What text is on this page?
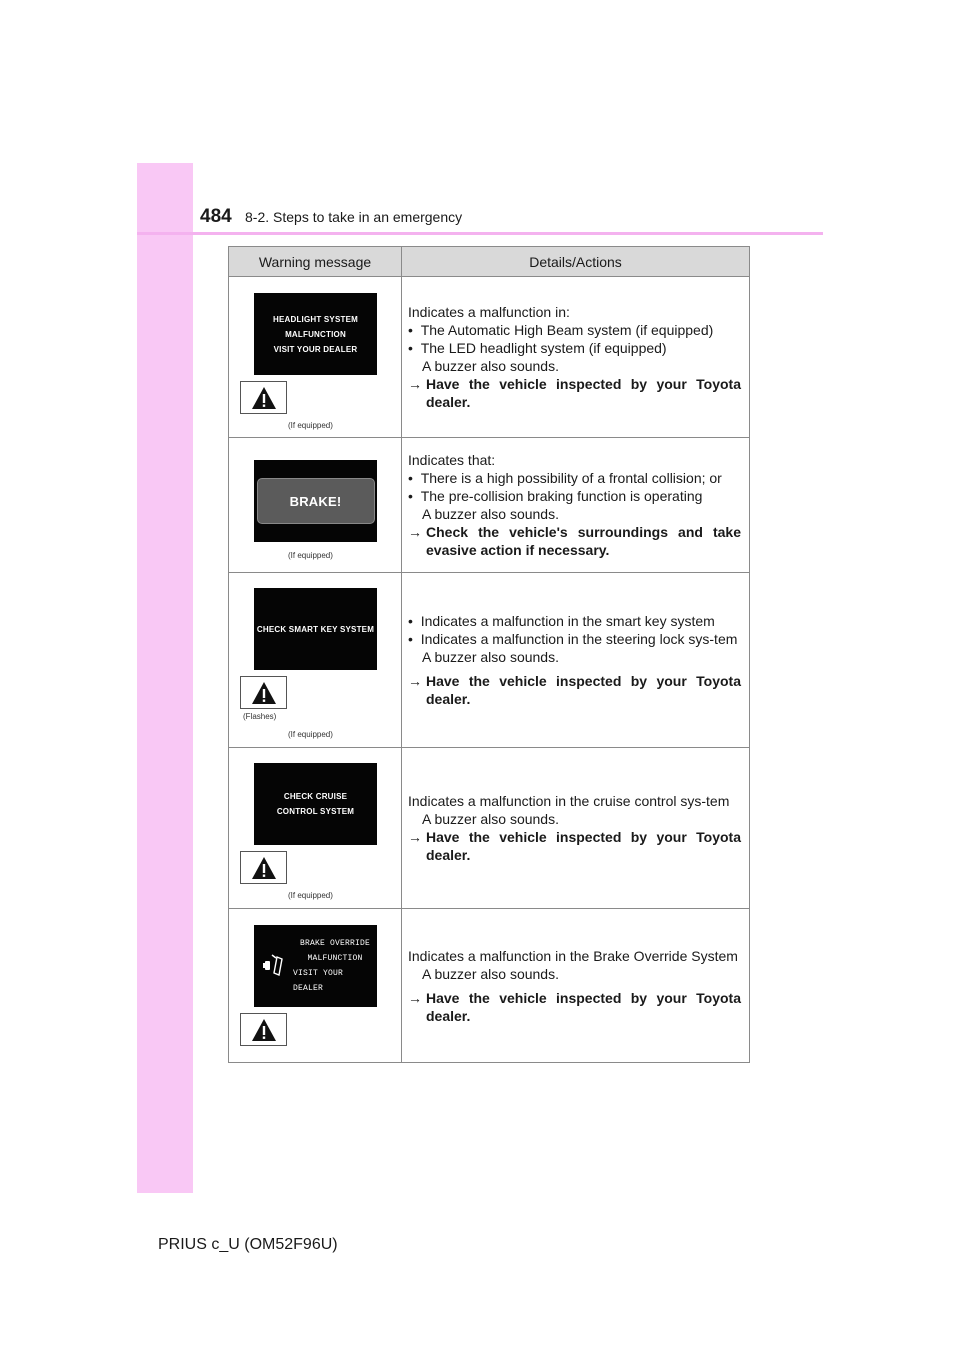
484 8-2. Steps to take in an emergency
Warning message	Details/Actions
HEADLIGHT SYSTEM
MALFUNCTION
VISIT YOUR DEALER
(If equipped)
Indicates a malfunction in:
•  The Automatic High Beam system (if equipped)
•  The LED headlight system (if equipped)
A buzzer also sounds.
→ Have the vehicle inspected by your Toyota dealer.
BRAKE!
(If equipped)
Indicates that:
•  There is a high possibility of a frontal collision; or
•  The pre-collision braking function is operating
A buzzer also sounds.
→ Check the vehicle's surroundings and take evasive action if necessary.
CHECK SMART KEY SYSTEM
(Flashes)
(If equipped)
•  Indicates a malfunction in the smart key system
•  Indicates a malfunction in the steering lock sys-tem
A buzzer also sounds.
→ Have the vehicle inspected by your Toyota dealer.
CHECK CRUISE
CONTROL SYSTEM
(If equipped)
Indicates a malfunction in the cruise control sys-tem
A buzzer also sounds.
→ Have the vehicle inspected by your Toyota dealer.
BRAKE OVERRIDE
MALFUNCTION
VISIT YOUR DEALER
Indicates a malfunction in the Brake Override System
A buzzer also sounds.
→ Have the vehicle inspected by your Toyota dealer.
PRIUS c_U (OM52F96U)
